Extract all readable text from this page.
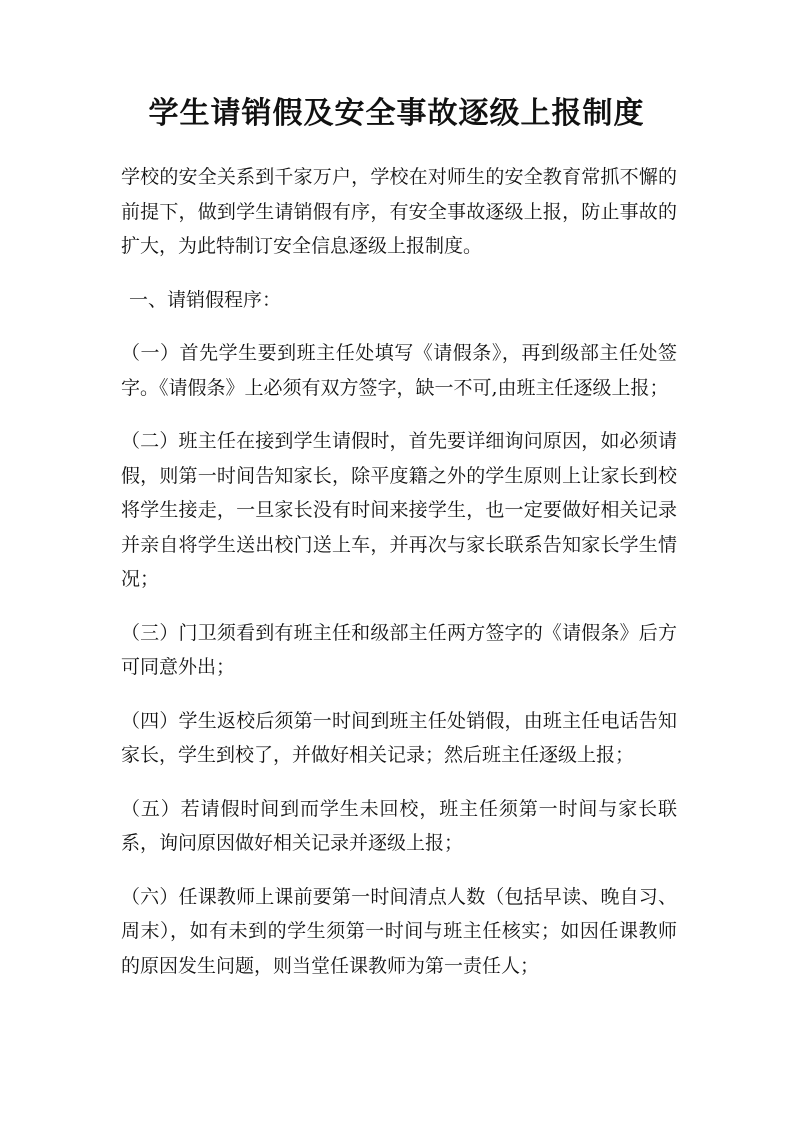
学生请销假及安全事故逐级上报制度

学校的安全关系到千家万户，学校在对师生的安全教育常抓不懈的前提下，做到学生请销假有序，有安全事故逐级上报，防止事故的扩大，为此特制订安全信息逐级上报制度。

一、请销假程序：

（一）首先学生要到班主任处填写《请假条》，再到级部主任处签字。《请假条》上必须有双方签字，缺一不可,由班主任逐级上报；

（二）班主任在接到学生请假时，首先要详细询问原因，如必须请假，则第一时间告知家长，除平度籍之外的学生原则上让家长到校将学生接走，一旦家长没有时间来接学生，也一定要做好相关记录并亲自将学生送出校门送上车，并再次与家长联系告知家长学生情况；

（三）门卫须看到有班主任和级部主任两方签字的《请假条》后方可同意外出；

（四）学生返校后须第一时间到班主任处销假，由班主任电话告知家长，学生到校了，并做好相关记录；然后班主任逐级上报；

（五）若请假时间到而学生未回校，班主任须第一时间与家长联系，询问原因做好相关记录并逐级上报；

（六）任课教师上课前要第一时间清点人数（包括早读、晚自习、周末），如有未到的学生须第一时间与班主任核实；如因任课教师的原因发生问题，则当堂任课教师为第一责任人；
